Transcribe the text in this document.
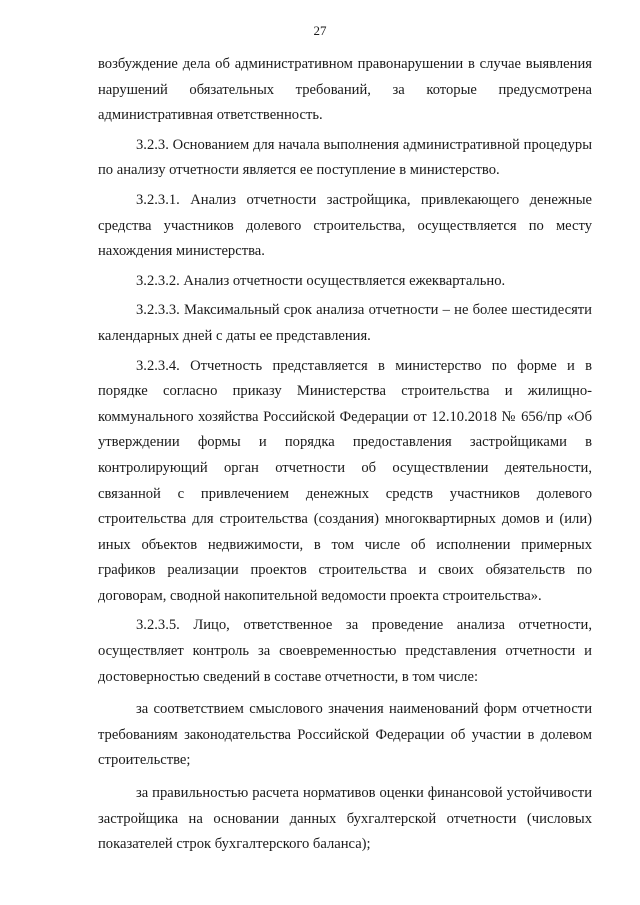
27

возбуждение дела об административном правонарушении в случае выявления нарушений обязательных требований, за которые предусмотрена административная ответственность.

3.2.3. Основанием для начала выполнения административной процедуры по анализу отчетности является ее поступление в министерство.

3.2.3.1. Анализ отчетности застройщика, привлекающего денежные средства участников долевого строительства, осуществляется по месту нахождения министерства.

3.2.3.2. Анализ отчетности осуществляется ежеквартально.

3.2.3.3. Максимальный срок анализа отчетности – не более шестидесяти календарных дней с даты ее представления.

3.2.3.4. Отчетность представляется в министерство по форме и в порядке согласно приказу Министерства строительства и жилищно-коммунального хозяйства Российской Федерации от 12.10.2018 № 656/пр «Об утверждении формы и порядка предоставления застройщиками в контролирующий орган отчетности об осуществлении деятельности, связанной с привлечением денежных средств участников долевого строительства для строительства (создания) многоквартирных домов и (или) иных объектов недвижимости, в том числе об исполнении примерных графиков реализации проектов строительства и своих обязательств по договорам, сводной накопительной ведомости проекта строительства».

3.2.3.5. Лицо, ответственное за проведение анализа отчетности, осуществляет контроль за своевременностью представления отчетности и достоверностью сведений в составе отчетности, в том числе:

за соответствием смыслового значения наименований форм отчетности требованиям законодательства Российской Федерации об участии в долевом строительстве;

за правильностью расчета нормативов оценки финансовой устойчивости застройщика на основании данных бухгалтерской отчетности (числовых показателей строк бухгалтерского баланса);
